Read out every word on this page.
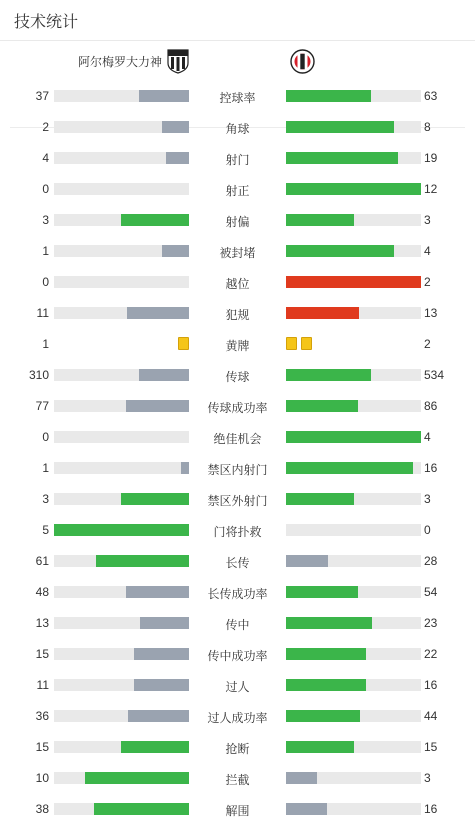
技术统计
阿尔梅罗大力神
37	控球率	63
2	角球	8
4	射门	19
0	射正	12
3	射偏	3
1	被封堵	4
0	越位	2
11	犯规	13
1	黄牌	2
310	传球	534
77	传球成功率	86
0	绝佳机会	4
1	禁区内射门	16
3	禁区外射门	3
5	门将扑救	0
61	长传	28
48	长传成功率	54
13	传中	23
15	传中成功率	22
11	过人	16
36	过人成功率	44
15	抢断	15
10	拦截	3
38	解围	16
